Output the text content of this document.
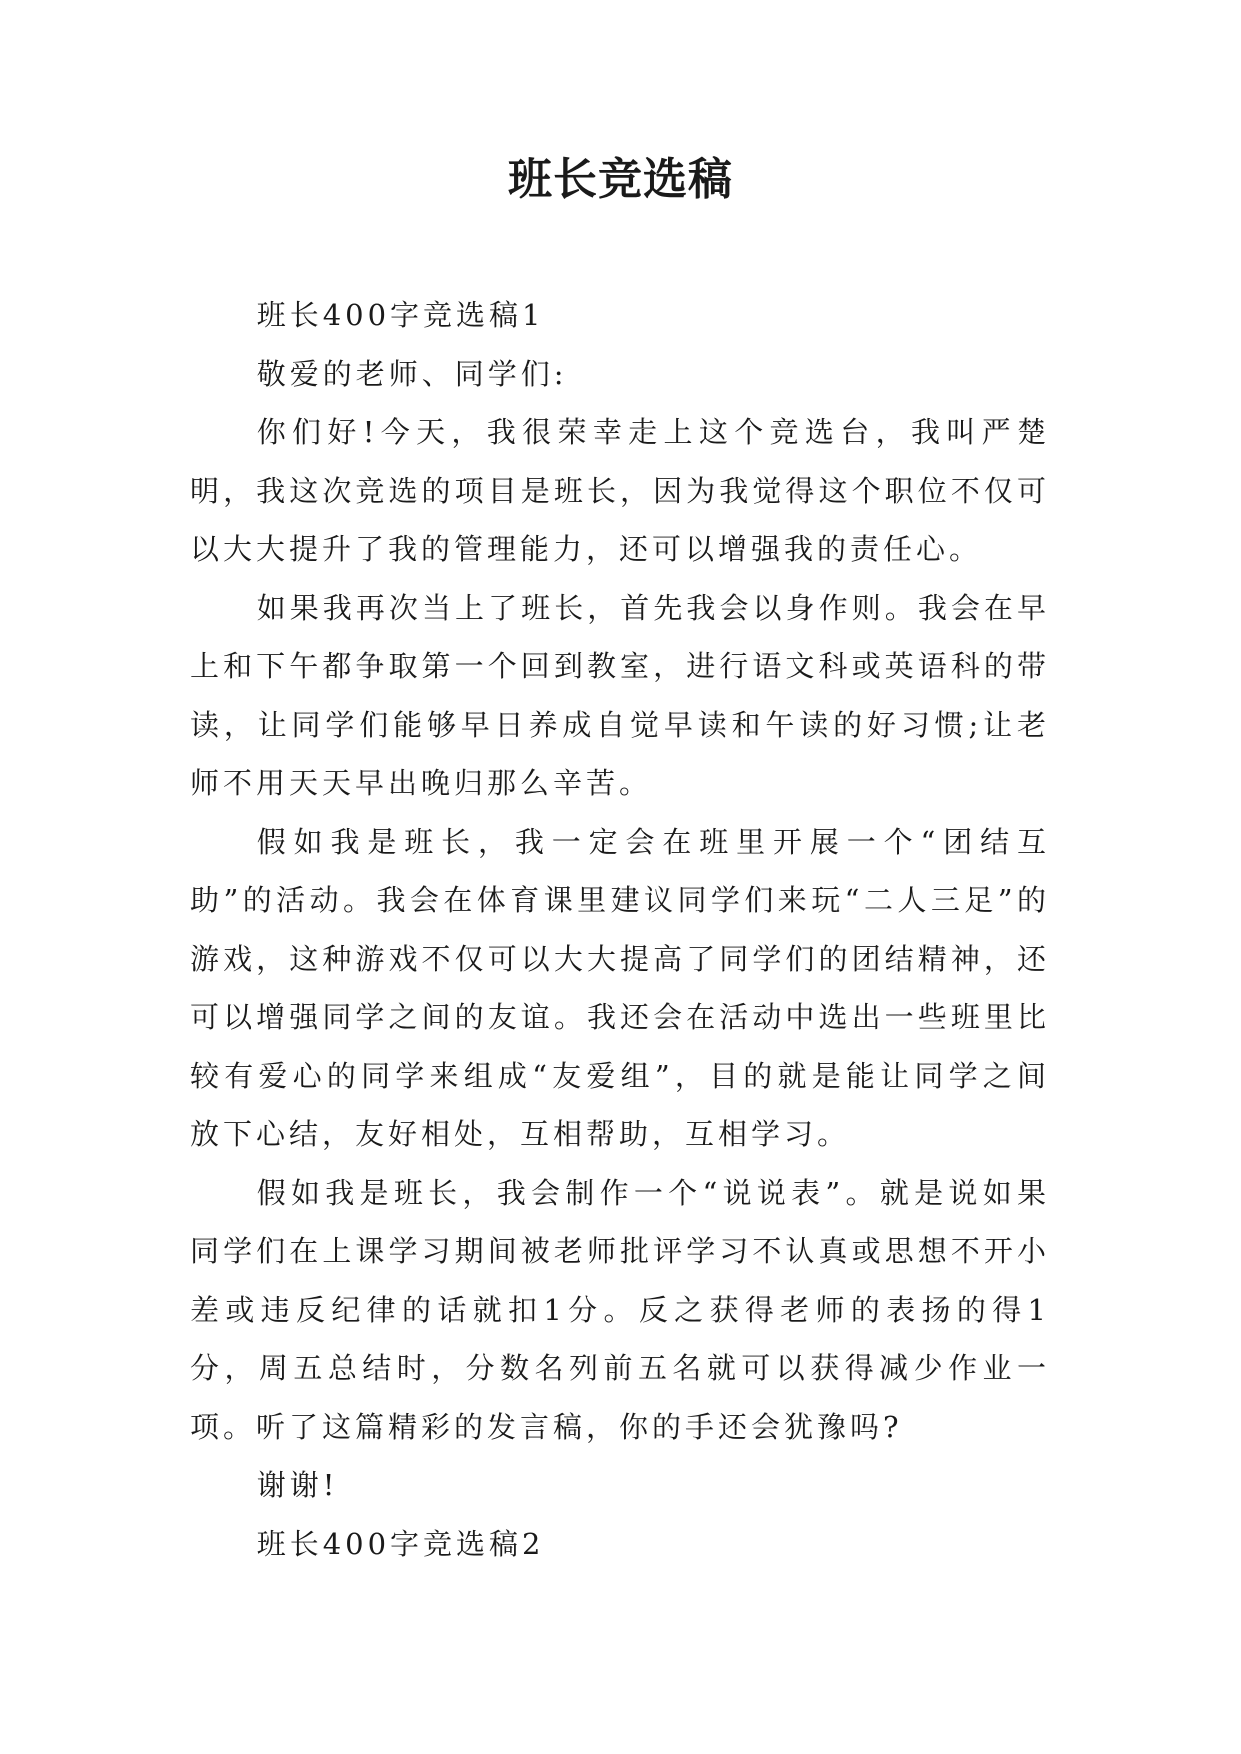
班长竞选稿

班长400字竞选稿1

敬爱的老师、同学们:

你们好!今天，我很荣幸走上这个竞选台，我叫严楚明，我这次竞选的项目是班长，因为我觉得这个职位不仅可以大大提升了我的管理能力，还可以增强我的责任心。

如果我再次当上了班长，首先我会以身作则。我会在早上和下午都争取第一个回到教室，进行语文科或英语科的带读，让同学们能够早日养成自觉早读和午读的好习惯;让老师不用天天早出晚归那么辛苦。

假如我是班长，我一定会在班里开展一个“团结互助”的活动。我会在体育课里建议同学们来玩“二人三足”的游戏，这种游戏不仅可以大大提高了同学们的团结精神，还可以增强同学之间的友谊。我还会在活动中选出一些班里比较有爱心的同学来组成“友爱组”，目的就是能让同学之间放下心结，友好相处，互相帮助，互相学习。

假如我是班长，我会制作一个“说说表”。就是说如果同学们在上课学习期间被老师批评学习不认真或思想不开小差或违反纪律的话就扣1分。反之获得老师的表扬的得1分，周五总结时，分数名列前五名就可以获得减少作业一项。听了这篇精彩的发言稿，你的手还会犹豫吗?

谢谢!

班长400字竞选稿2
